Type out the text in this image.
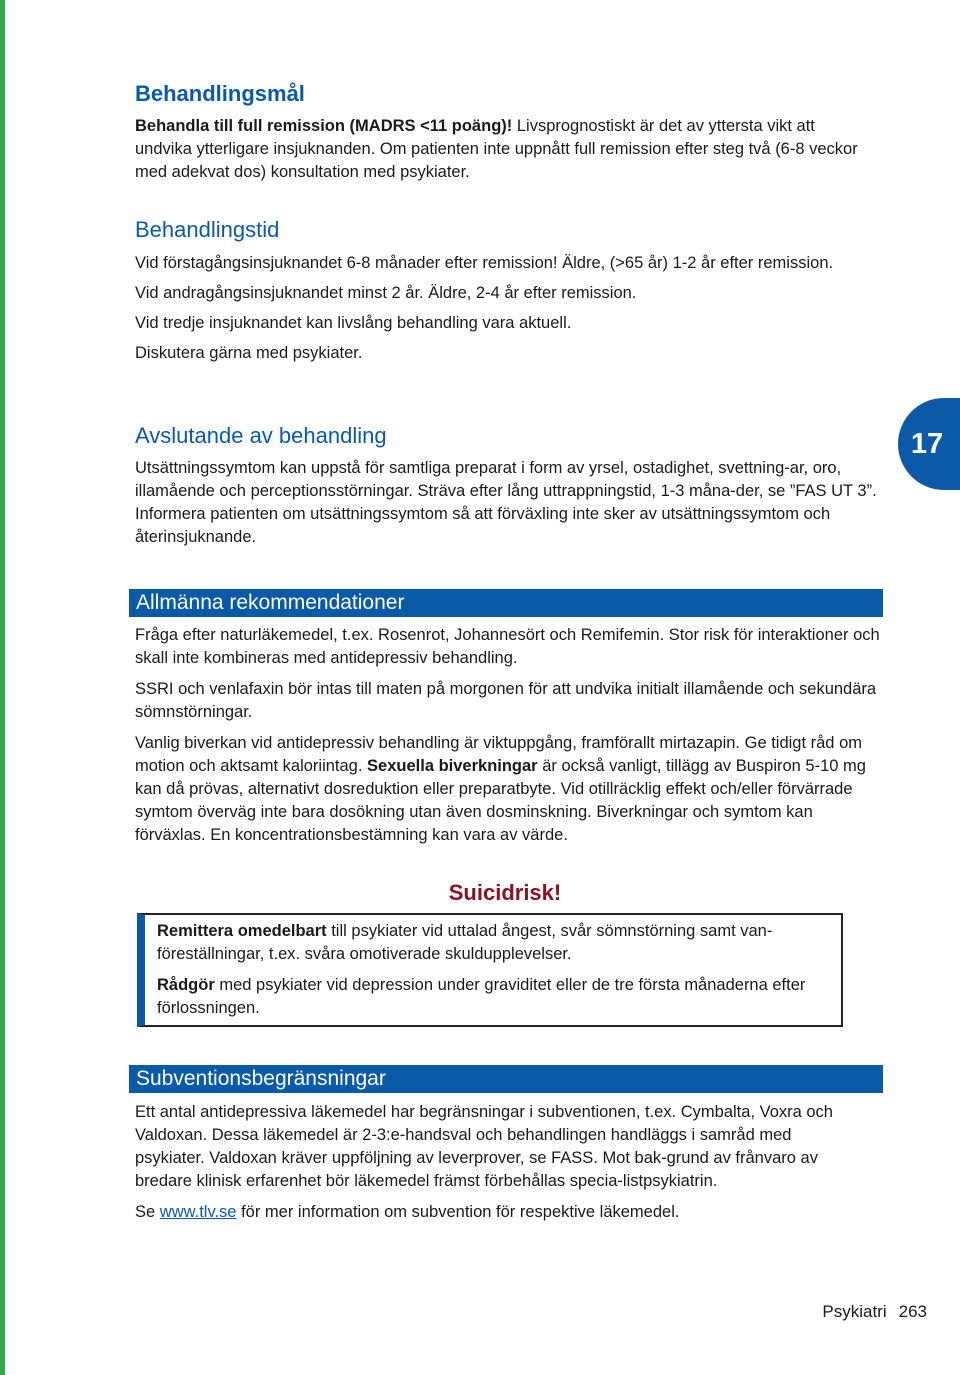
17
Behandlingsmål

Behandla till full remission (MADRS <11 poäng)! Livsprognostiskt är det av yttersta vikt att undvika ytterligare insjuknanden. Om patienten inte uppnått full remission efter steg två (6-8 veckor med adekvat dos) konsultation med psykiater.

Behandlingstid

Vid förstagångsinsjuknandet 6-8 månader efter remission! Äldre, (>65 år) 1-2 år efter remission.

Vid andragångsinsjuknandet minst 2 år. Äldre, 2-4 år efter remission.

Vid tredje insjuknandet kan livslång behandling vara aktuell.

Diskutera gärna med psykiater.

Avslutande av behandling

Utsättningssymtom kan uppstå för samtliga preparat i form av yrsel, ostadighet, svettning-ar, oro, illamående och perceptionsstörningar. Sträva efter lång uttrappningstid, 1-3 måna-der, se ”FAS UT 3”. Informera patienten om utsättningssymtom så att förväxling inte sker av utsättningssymtom och återinsjuknande.

Allmänna rekommendationer

Fråga efter naturläkemedel, t.ex. Rosenrot, Johannesört och Remifemin. Stor risk för interaktioner och skall inte kombineras med antidepressiv behandling.

SSRI och venlafaxin bör intas till maten på morgonen för att undvika initialt illamående och sekundära sömnstörningar.

Vanlig biverkan vid antidepressiv behandling är viktuppgång, framförallt mirtazapin. Ge tidigt råd om motion och aktsamt kaloriintag. Sexuella biverkningar är också vanligt, tillägg av Buspiron 5-10 mg kan då prövas, alternativt dosreduktion eller preparatbyte. Vid otillräcklig effekt och/eller förvärrade symtom överväg inte bara dosökning utan även dosminskning. Biverkningar och symtom kan förväxlas. En koncentrationsbestämning kan vara av värde.

Suicidrisk!

Remittera omedelbart till psykiater vid uttalad ångest, svår sömnstörning samt van-föreställningar, t.ex. svåra omotiverade skuldupplevelser.

Rådgör med psykiater vid depression under graviditet eller de tre första månaderna efter förlossningen.

Subventionsbegränsningar

Ett antal antidepressiva läkemedel har begränsningar i subventionen, t.ex. Cymbalta, Voxra och Valdoxan. Dessa läkemedel är 2-3:e-handsval och behandlingen handläggs i samråd med psykiater. Valdoxan kräver uppföljning av leverprover, se FASS. Mot bak-grund av frånvaro av bredare klinisk erfarenhet bör läkemedel främst förbehållas specia-listpsykiatrin.

Se www.tlv.se för mer information om subvention för respektive läkemedel.

Psykiatri 263
